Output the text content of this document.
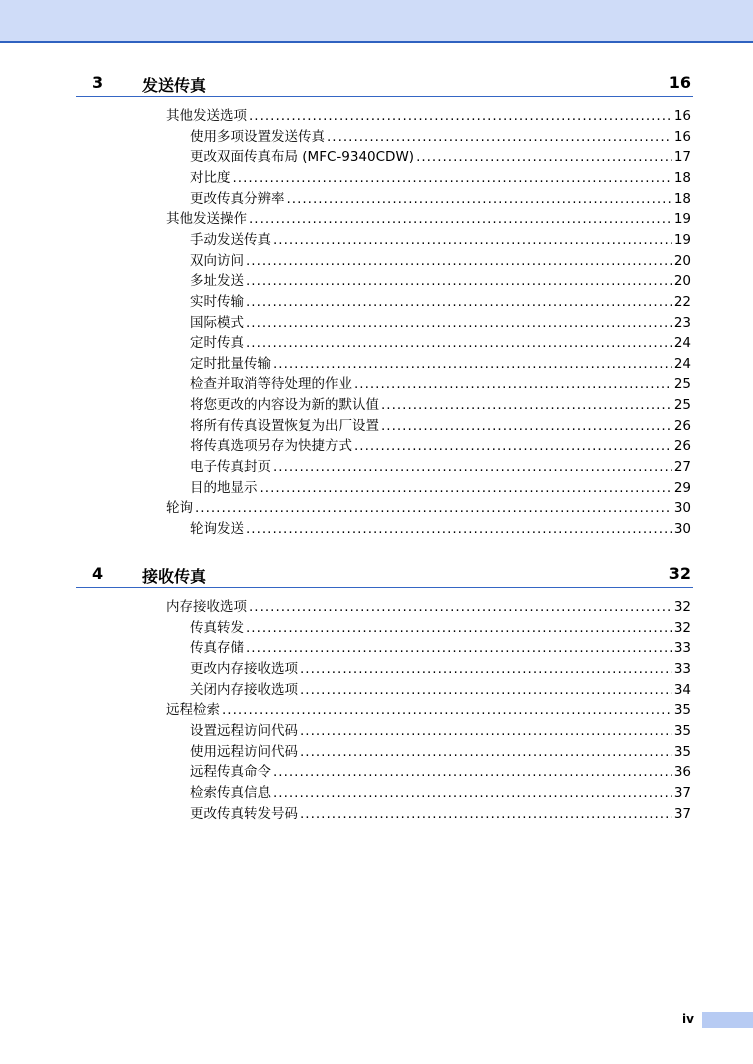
3 发送传真	16
其他发送选项 .....	16
使用多项设置发送传真 .....	16
更改双面传真布局 (MFC-9340CDW) .....	17
对比度 .....	18
更改传真分辨率 .....	18
其他发送操作 .....	19
手动发送传真 .....	19
双向访问 .....	20
多址发送 .....	20
实时传输 .....	22
国际模式 .....	23
定时传真 .....	24
定时批量传输 .....	24
检查并取消等待处理的作业 .....	25
将您更改的内容设为新的默认值 .....	25
将所有传真设置恢复为出厂设置 .....	26
将传真选项另存为快捷方式 .....	26
电子传真封页 .....	27
目的地显示 .....	29
轮询 .....	30
轮询发送 .....	30
4 接收传真	32
内存接收选项 .....	32
传真转发 .....	32
传真存储 .....	33
更改内存接收选项 .....	33
关闭内存接收选项 .....	34
远程检索 .....	35
设置远程访问代码 .....	35
使用远程访问代码 .....	35
远程传真命令 .....	36
检索传真信息 .....	37
更改传真转发号码 .....	37
iv
